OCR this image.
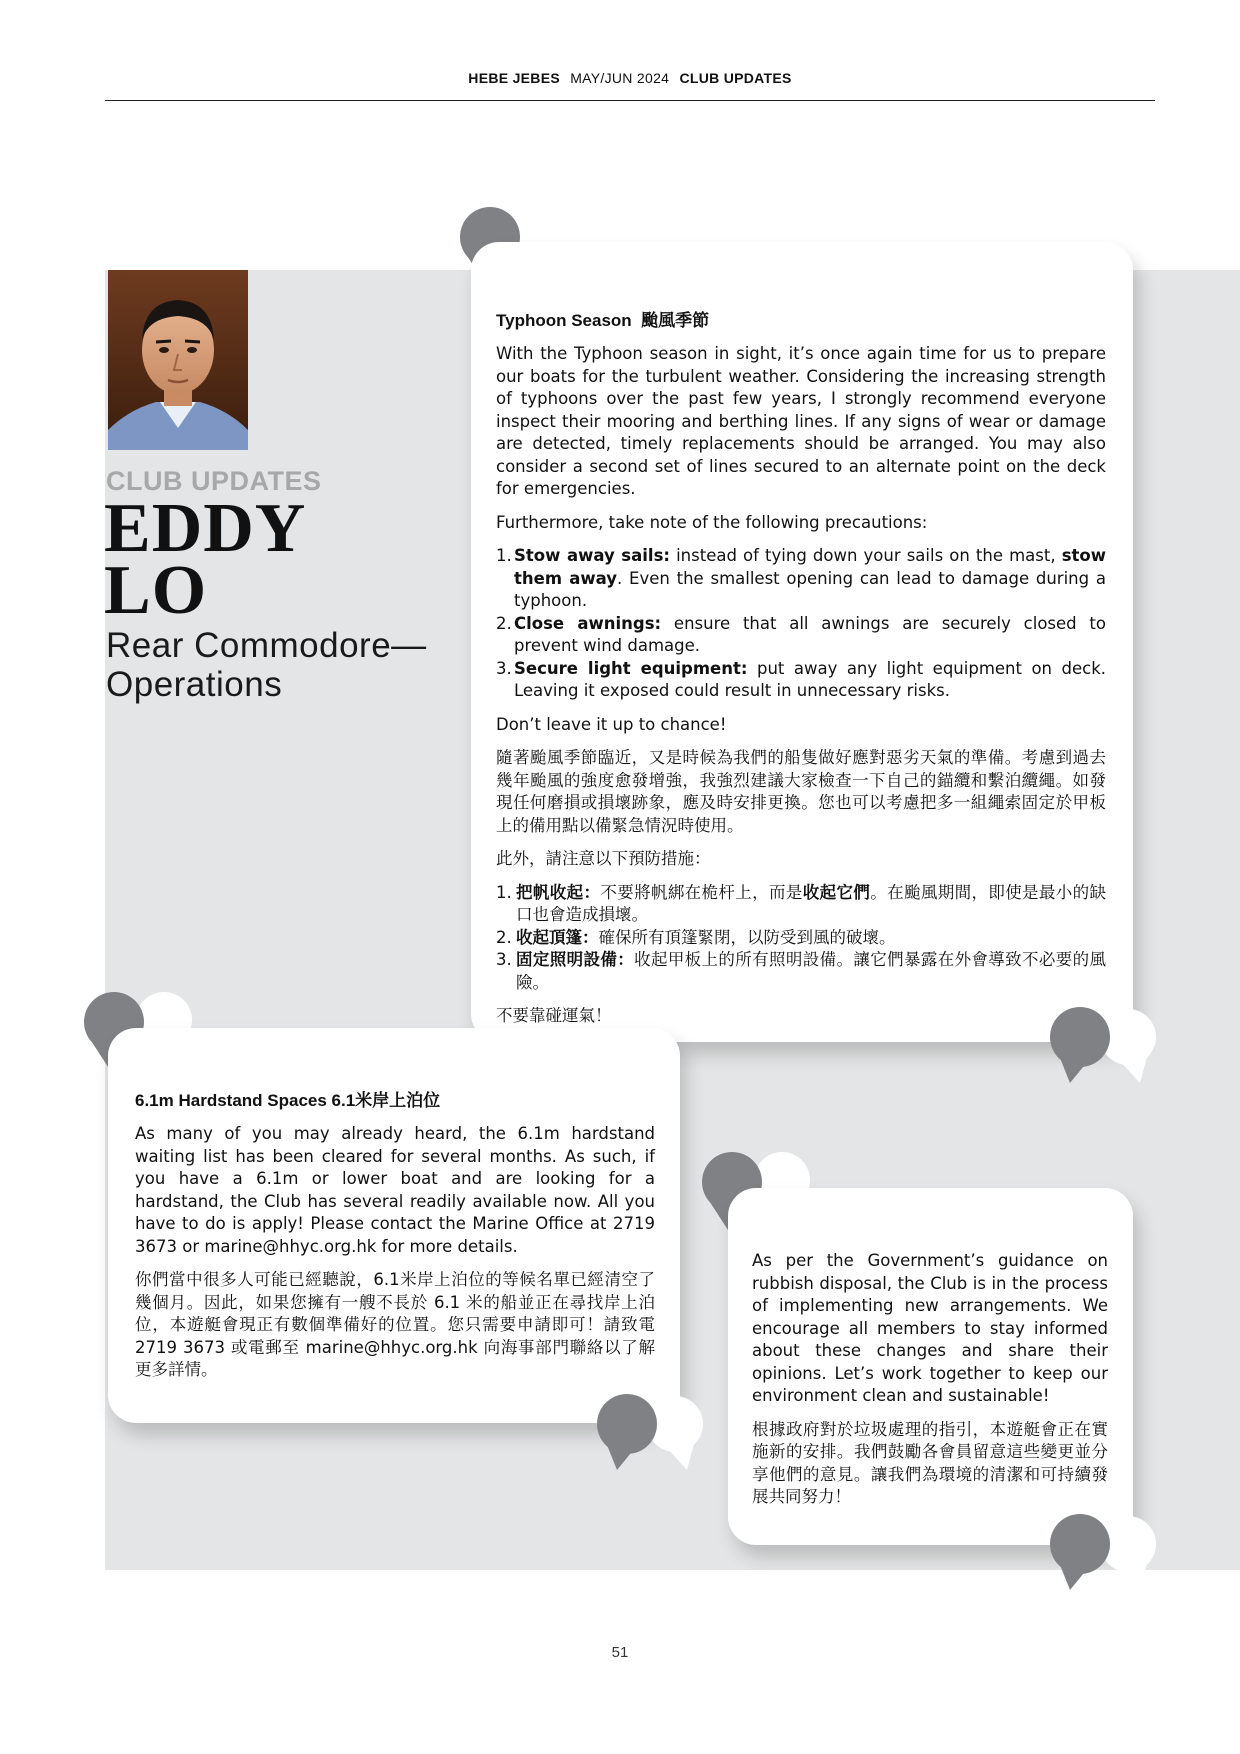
HEBE JEBES MAY/JUN 2024 CLUB UPDATES
CLUB UPDATES
EDDY
LO
Rear Commodore—
Operations
Typhoon Season 颱風季節

With the Typhoon season in sight, it’s once again time for us to prepare our boats for the turbulent weather. Considering the increasing strength of typhoons over the past few years, I strongly recommend everyone inspect their mooring and berthing lines. If any signs of wear or damage are detected, timely replacements should be arranged. You may also consider a second set of lines secured to an alternate point on the deck for emergencies.

Furthermore, take note of the following precautions:

1. Stow away sails: instead of tying down your sails on the mast, stow them away. Even the smallest opening can lead to damage during a typhoon.
2. Close awnings: ensure that all awnings are securely closed to prevent wind damage.
3. Secure light equipment: put away any light equipment on deck. Leaving it exposed could result in unnecessary risks.

Don’t leave it up to chance!

隨著颱風季節臨近，又是時候為我們的船隻做好應對惡劣天氣的準備。考慮到過去幾年颱風的強度愈發增強，我強烈建議大家檢查一下自己的錨纜和繫泊纜繩。如發現任何磨損或損壞跡象，應及時安排更換。您也可以考慮把多一組繩索固定於甲板上的備用點以備緊急情況時使用。

此外，請注意以下預防措施：

1. 把帆收起：不要將帆綁在桅杆上，而是收起它們。在颱風期間，即使是最小的缺口也會造成損壞。
2. 收起頂篷：確保所有頂篷緊閉，以防受到風的破壞。
3. 固定照明設備：收起甲板上的所有照明設備。讓它們暴露在外會導致不必要的風險。

不要靠碰運氣！

6.1m Hardstand Spaces 6.1米岸上泊位

As many of you may already heard, the 6.1m hardstand waiting list has been cleared for several months. As such, if you have a 6.1m or lower boat and are looking for a hardstand, the Club has several readily available now. All you have to do is apply! Please contact the Marine Office at 2719 3673 or marine@hhyc.org.hk for more details.

你們當中很多人可能已經聽說，6.1米岸上泊位的等候名單已經清空了幾個月。因此，如果您擁有一艘不長於 6.1 米的船並正在尋找岸上泊位，本遊艇會現正有數個準備好的位置。您只需要申請即可！請致電 2719 3673 或電郵至 marine@hhyc.org.hk 向海事部門聯絡以了解更多詳情。

As per the Government’s guidance on rubbish disposal, the Club is in the process of implementing new arrangements. We encourage all members to stay informed about these changes and share their opinions. Let’s work together to keep our environment clean and sustainable!

根據政府對於垃圾處理的指引，本遊艇會正在實施新的安排。我們鼓勵各會員留意這些變更並分享他們的意見。讓我們為環境的清潔和可持續發展共同努力！

51
